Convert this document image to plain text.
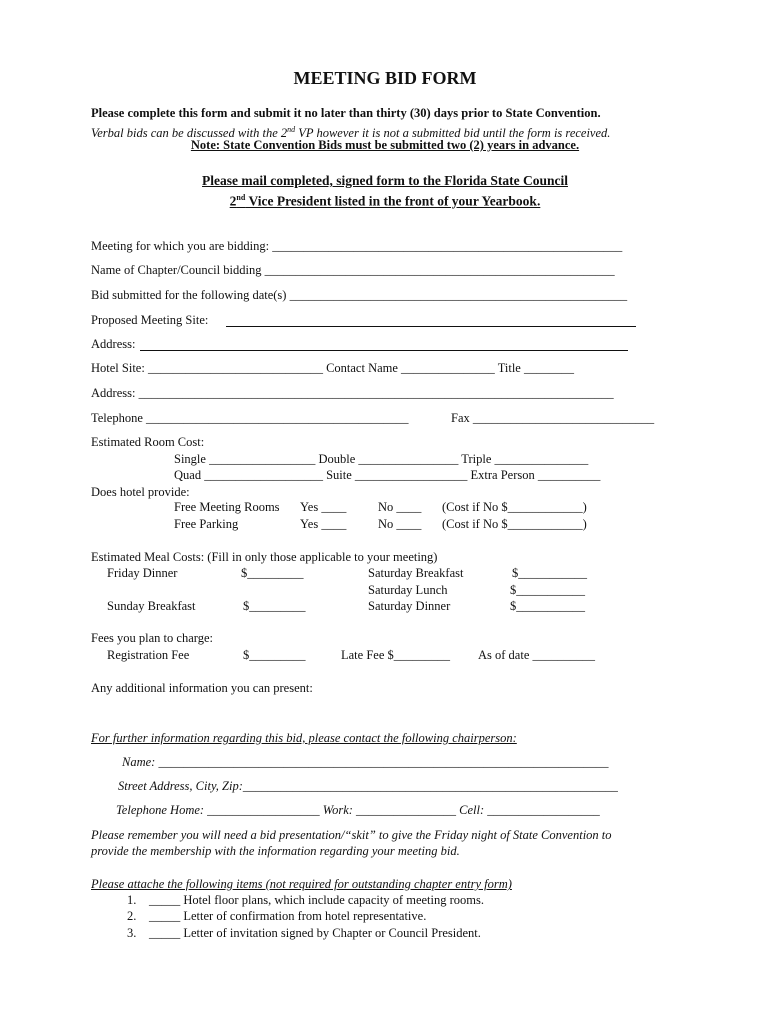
MEETING BID FORM
Please complete this form and submit it no later than thirty (30) days prior to State Convention.
Verbal bids can be discussed with the 2nd VP however it is not a submitted bid until the form is received.
Note: State Convention Bids must be submitted two (2) years in advance.
Please mail completed, signed form to the Florida State Council
2nd Vice President listed in the front of your Yearbook.
Meeting for which you are bidding: ________________________________________________________
Name of Chapter/Council bidding ________________________________________________________
Bid submitted for the following date(s) ______________________________________________________
Proposed Meeting Site:
Address:
Hotel Site: ____________________________ Contact Name _______________ Title ________
Address: ____________________________________________________________________________
Telephone __________________________________________	Fax _____________________________
Estimated Room Cost:
Single _________________ Double ________________ Triple _______________
Quad ___________________ Suite __________________ Extra Person __________
Does hotel provide:
Free Meeting Rooms Yes ____	No ____ (Cost if No $____________)
Free Parking	Yes ____	No ____ (Cost if No $____________)
Estimated Meal Costs: (Fill in only those applicable to your meeting)
Friday Dinner	$_________	Saturday Breakfast	$___________
Saturday Lunch	$___________
Sunday Breakfast	$_________	Saturday Dinner	$___________
Fees you plan to charge:
Registration Fee	$_________	Late Fee $_________ As of date __________
Any additional information you can present:
For further information regarding this bid, please contact the following chairperson:
Name: ________________________________________________________________________
Street Address, City, Zip:____________________________________________________________
Telephone Home: __________________ Work: ________________ Cell: __________________
Please remember you will need a bid presentation/“skit” to give the Friday night of State Convention to
provide the membership with the information regarding your meeting bid.
Please attache the following items (not required for outstanding chapter entry form)
1. _____ Hotel floor plans, which include capacity of meeting rooms.
2. _____ Letter of confirmation from hotel representative.
3. _____ Letter of invitation signed by Chapter or Council President.
